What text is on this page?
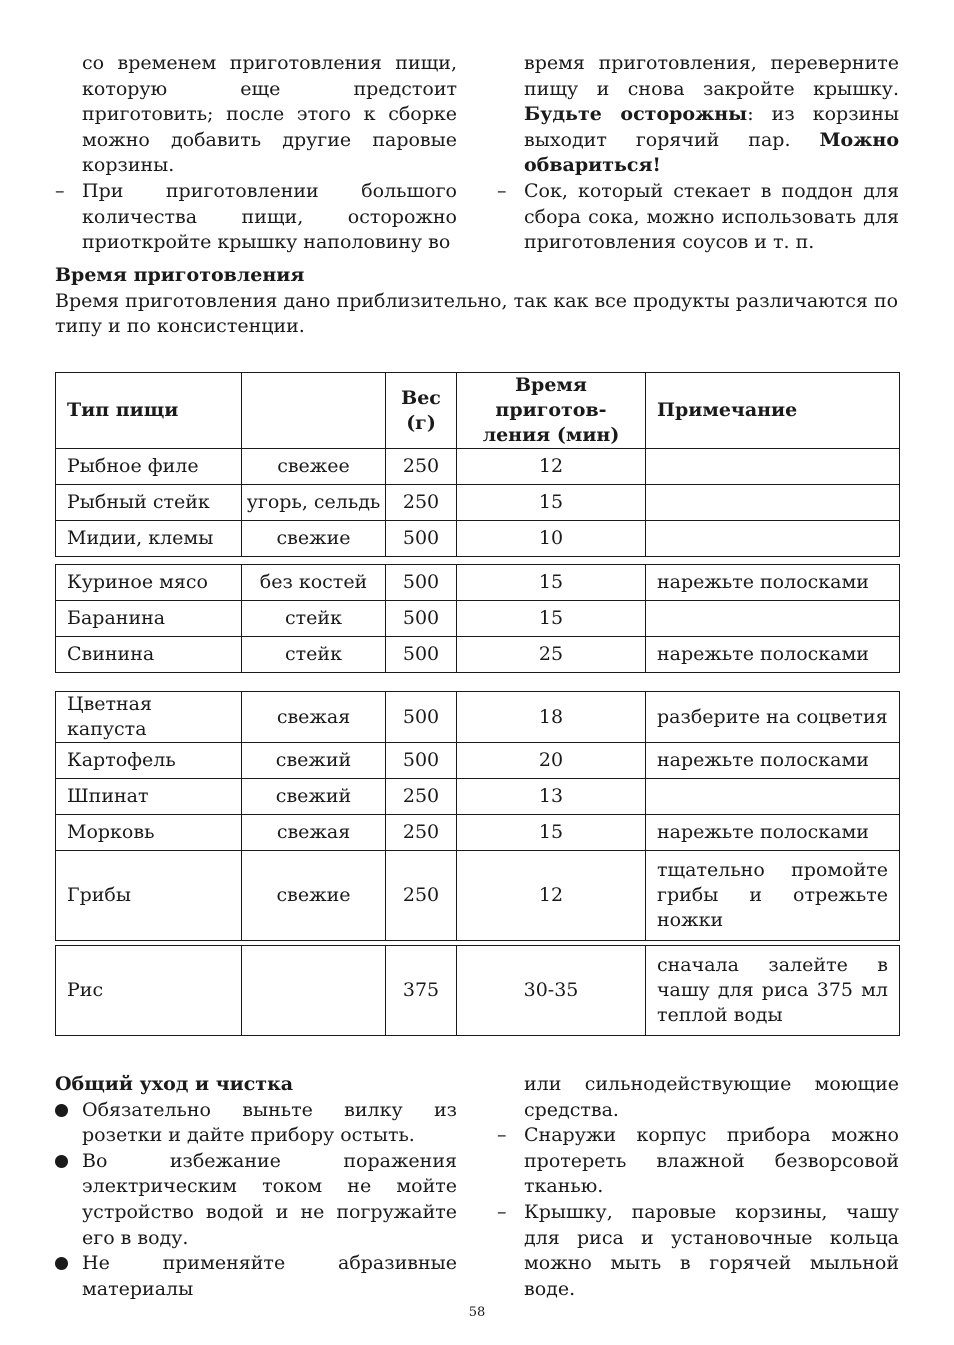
со временем приготовления пищи, которую еще предстоит приготовить; после этого к сборке можно добавить другие паровые корзины.

– При приготовлении большого количества пищи, осторожно приоткройте крышку наполовину во

время приготовления, переверните пищу и снова закройте крышку. Будьте осторожны: из корзины выходит горячий пар. Можно обвариться!

– Сок, который стекает в поддон для сбора сока, можно использовать для приготовления соусов и т. п.

Время приготовления

Время приготовления дано приблизительно, так как все продукты различаются по типу и по консистенции.

Тип пищи		Вес (г)	Время приготов-ления (мин)	Примечание
Рыбное филе	свежее	250	12	
Рыбный стейк	угорь, сельдь	250	15	
Мидии, клемы	свежие	500	10	
Куриное мясо	без костей	500	15	нарежьте полосками
Баранина	стейк	500	15	
Свинина	стейк	500	25	нарежьте полосками
Цветная капуста	свежая	500	18	разберите на соцветия
Картофель	свежий	500	20	нарежьте полосками
Шпинат	свежий	250	13	
Морковь	свежая	250	15	нарежьте полосками
Грибы	свежие	250	12	тщательно промойте грибы и отрежьте ножки
Рис		375	30-35	сначала залейте в чашу для риса 375 мл теплой воды
Общий уход и чистка

Обязательно выньте вилку из розетки и дайте прибору остыть.

Во избежание поражения электрическим током не мойте устройство водой и не погружайте его в воду.

Не применяйте абразивные материалы

или сильнодействующие моющие средства.

– Снаружи корпус прибора можно протереть влажной безворсовой тканью.

– Крышку, паровые корзины, чашу для риса и установочные кольца можно мыть в горячей мыльной воде.

58
